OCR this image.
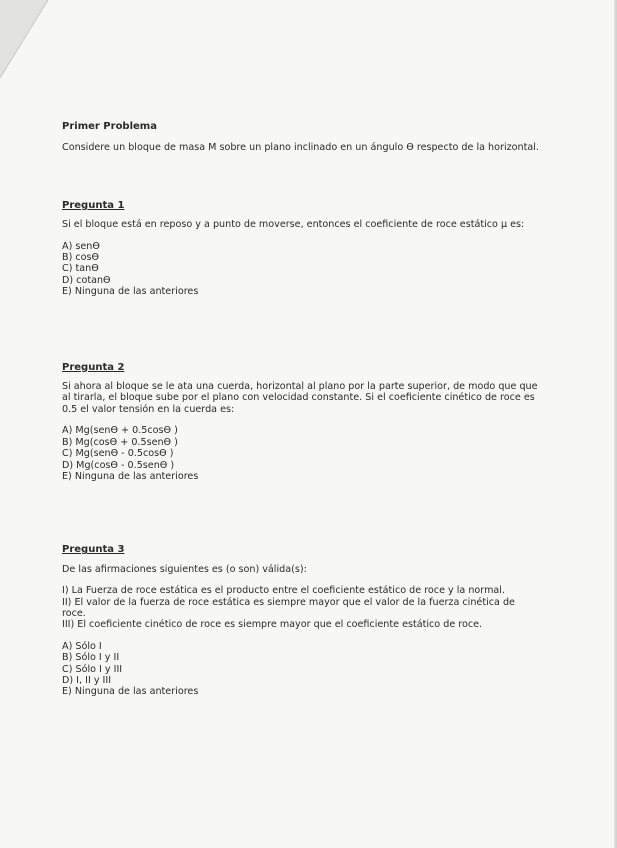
Primer Problema

Considere un bloque de masa M sobre un plano inclinado en un ángulo ϴ respecto de la horizontal.

Pregunta 1

Si el bloque está en reposo y a punto de moverse, entonces el coeficiente de roce estático μ es:

A) senϴ
B) cosϴ
C) tanϴ
D) cotanϴ
E) Ninguna de las anteriores

Pregunta 2

Si ahora al bloque se le ata una cuerda, horizontal al plano por la parte superior, de modo que que
al tirarla, el bloque sube por el plano con velocidad constante. Si el coeficiente cinético de roce es
0.5 el valor tensión en la cuerda es:

A) Mg(senϴ + 0.5cosϴ )
B) Mg(cosϴ + 0.5senϴ )
C) Mg(senϴ - 0.5cosϴ )
D) Mg(cosϴ - 0.5senϴ )
E) Ninguna de las anteriores

Pregunta 3

De las afirmaciones siguientes es (o son) válida(s):

I) La Fuerza de roce estática es el producto entre el coeficiente estático de roce y la normal.
II) El valor de la fuerza de roce estática es siempre mayor que el valor de la fuerza cinética de
roce.
III) El coeficiente cinético de roce es siempre mayor que el coeficiente estático de roce.
A) Sólo I
B) Sólo I y II
C) Sólo I y III
D) I, II y III
E) Ninguna de las anteriores
